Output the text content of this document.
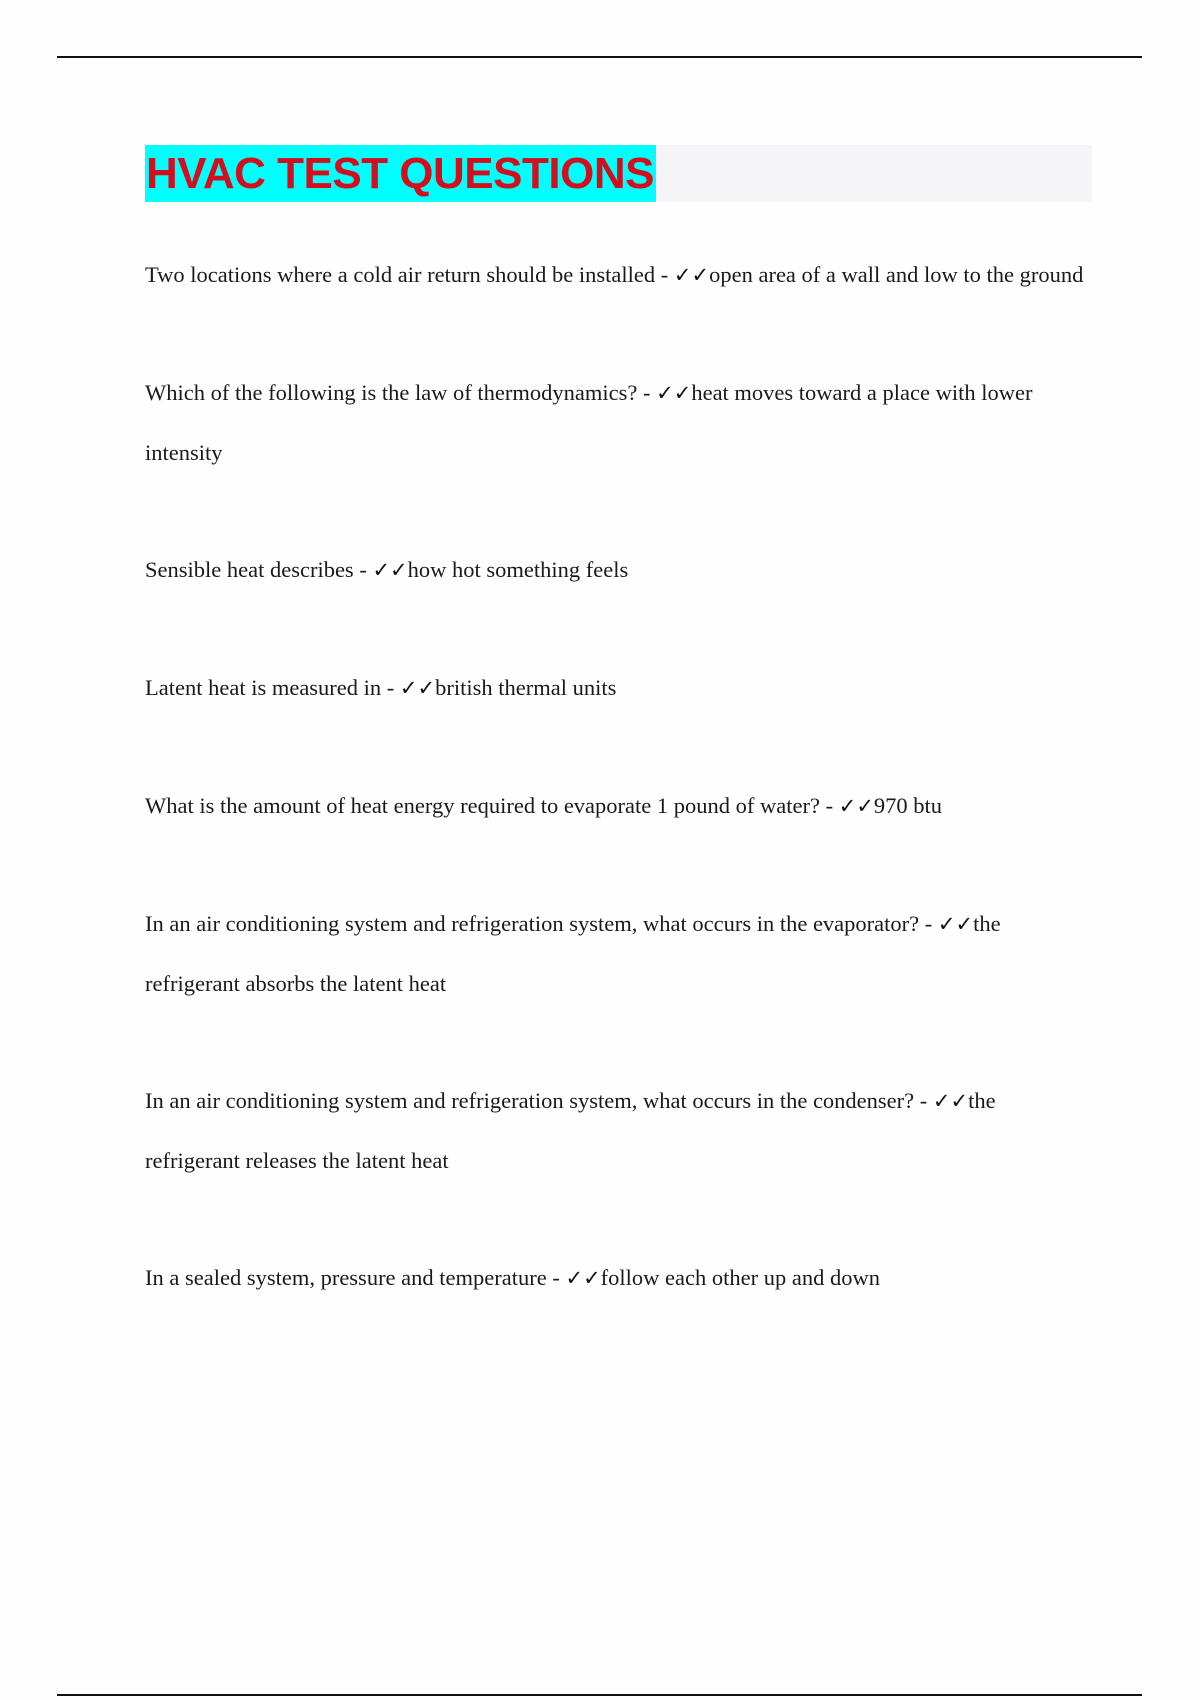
HVAC TEST QUESTIONS
Two locations where a cold air return should be installed - ✓✓open area of a wall and low to the ground
Which of the following is the law of thermodynamics? - ✓✓heat moves toward a place with lower intensity
Sensible heat describes - ✓✓how hot something feels
Latent heat is measured in - ✓✓british thermal units
What is the amount of heat energy required to evaporate 1 pound of water? - ✓✓970 btu
In an air conditioning system and refrigeration system, what occurs in the evaporator? - ✓✓the refrigerant absorbs the latent heat
In an air conditioning system and refrigeration system, what occurs in the condenser? - ✓✓the refrigerant releases the latent heat
In a sealed system, pressure and temperature - ✓✓follow each other up and down
